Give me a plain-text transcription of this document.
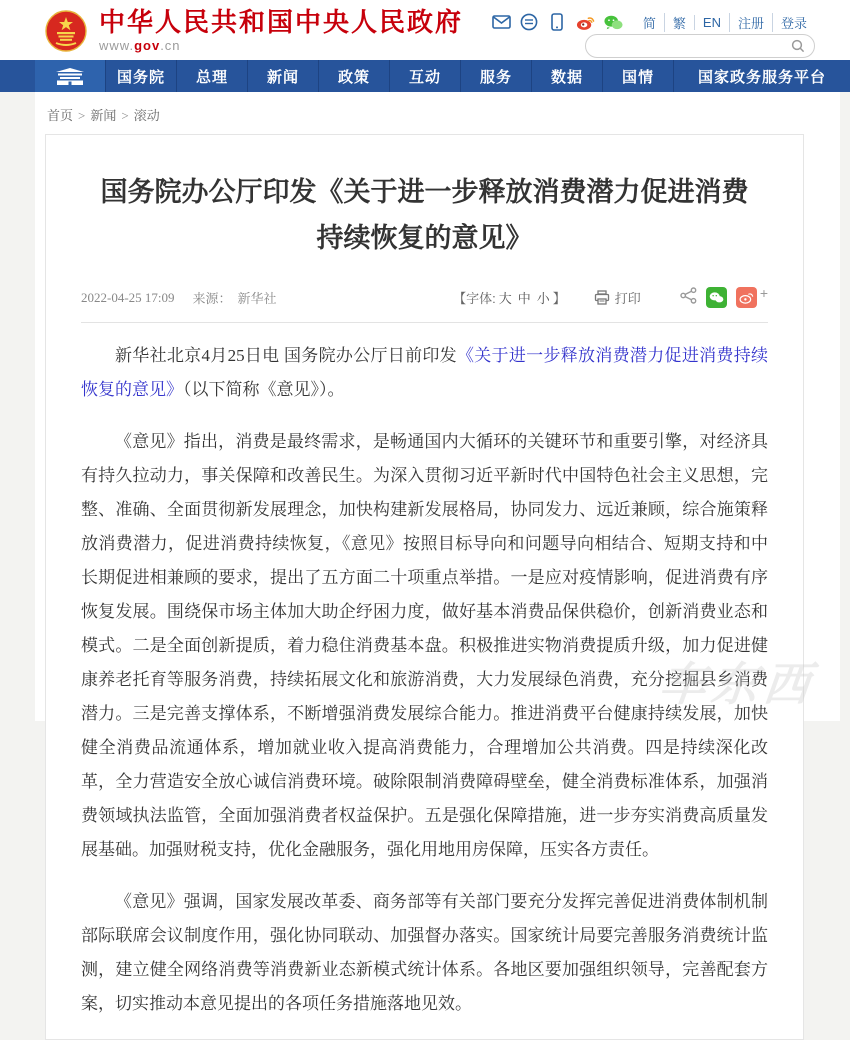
中华人民共和国中央人民政府
www.gov.cn
简	繁	EN	注册	登录
国务院	总理	新闻	政策	互动	服务	数据	国情	国家政务服务平台
首页 > 新闻 > 滚动
国务院办公厅印发《关于进一步释放消费潜力促进消费持续恢复的意见》
2022-04-25 17:09 来源： 新华社	【字体: 大 中 小 】	打印	+

新华社北京4月25日电 国务院办公厅日前印发《关于进一步释放消费潜力促进消费持续恢复的意见》（以下简称《意见》）。

《意见》指出，消费是最终需求，是畅通国内大循环的关键环节和重要引擎，对经济具有持久拉动力，事关保障和改善民生。为深入贯彻习近平新时代中国特色社会主义思想，完整、准确、全面贯彻新发展理念，加快构建新发展格局，协同发力、远近兼顾，综合施策释放消费潜力，促进消费持续恢复，《意见》按照目标导向和问题导向相结合、短期支持和中长期促进相兼顾的要求，提出了五方面二十项重点举措。一是应对疫情影响，促进消费有序恢复发展。围绕保市场主体加大助企纾困力度，做好基本消费品保供稳价，创新消费业态和模式。二是全面创新提质，着力稳住消费基本盘。积极推进实物消费提质升级，加力促进健康养老托育等服务消费，持续拓展文化和旅游消费，大力发展绿色消费，充分挖掘县乡消费潜力。三是完善支撑体系，不断增强消费发展综合能力。推进消费平台健康持续发展，加快健全消费品流通体系，增加就业收入提高消费能力，合理增加公共消费。四是持续深化改革，全力营造安全放心诚信消费环境。破除限制消费障碍壁垒，健全消费标准体系，加强消费领域执法监管，全面加强消费者权益保护。五是强化保障措施，进一步夯实消费高质量发展基础。加强财税支持，优化金融服务，强化用地用房保障，压实各方责任。

《意见》强调，国家发展改革委、商务部等有关部门要充分发挥完善促进消费体制机制部际联席会议制度作用，强化协同联动、加强督办落实。国家统计局要完善服务消费统计监测，建立健全网络消费等消费新业态新模式统计体系。各地区要加强组织领导，完善配套方案，切实推动本意见提出的各项任务措施落地见效。

车东西
